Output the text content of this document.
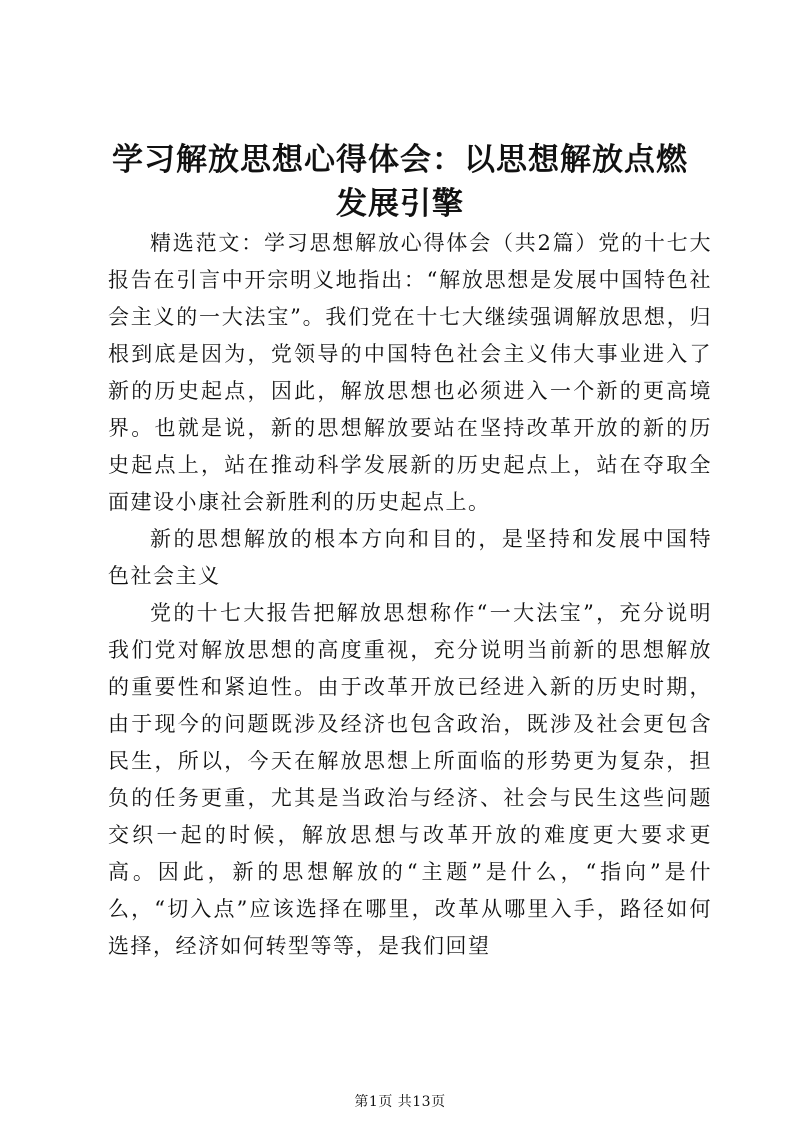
学习解放思想心得体会：以思想解放点燃发展引擎

精选范文：学习思想解放心得体会（共2篇）党的十七大报告在引言中开宗明义地指出：“解放思想是发展中国特色社会主义的一大法宝”。我们党在十七大继续强调解放思想，归根到底是因为，党领导的中国特色社会主义伟大事业进入了新的历史起点，因此，解放思想也必须进入一个新的更高境界。也就是说，新的思想解放要站在坚持改革开放的新的历史起点上，站在推动科学发展新的历史起点上，站在夺取全面建设小康社会新胜利的历史起点上。

新的思想解放的根本方向和目的，是坚持和发展中国特色社会主义

党的十七大报告把解放思想称作“一大法宝”，充分说明我们党对解放思想的高度重视，充分说明当前新的思想解放的重要性和紧迫性。由于改革开放已经进入新的历史时期，由于现今的问题既涉及经济也包含政治，既涉及社会更包含民生，所以，今天在解放思想上所面临的形势更为复杂，担负的任务更重，尤其是当政治与经济、社会与民生这些问题交织一起的时候，解放思想与改革开放的难度更大要求更高。因此，新的思想解放的“主题”是什么，“指向”是什么，“切入点”应该选择在哪里，改革从哪里入手，路径如何选择，经济如何转型等等，是我们回望

第1页 共13页
